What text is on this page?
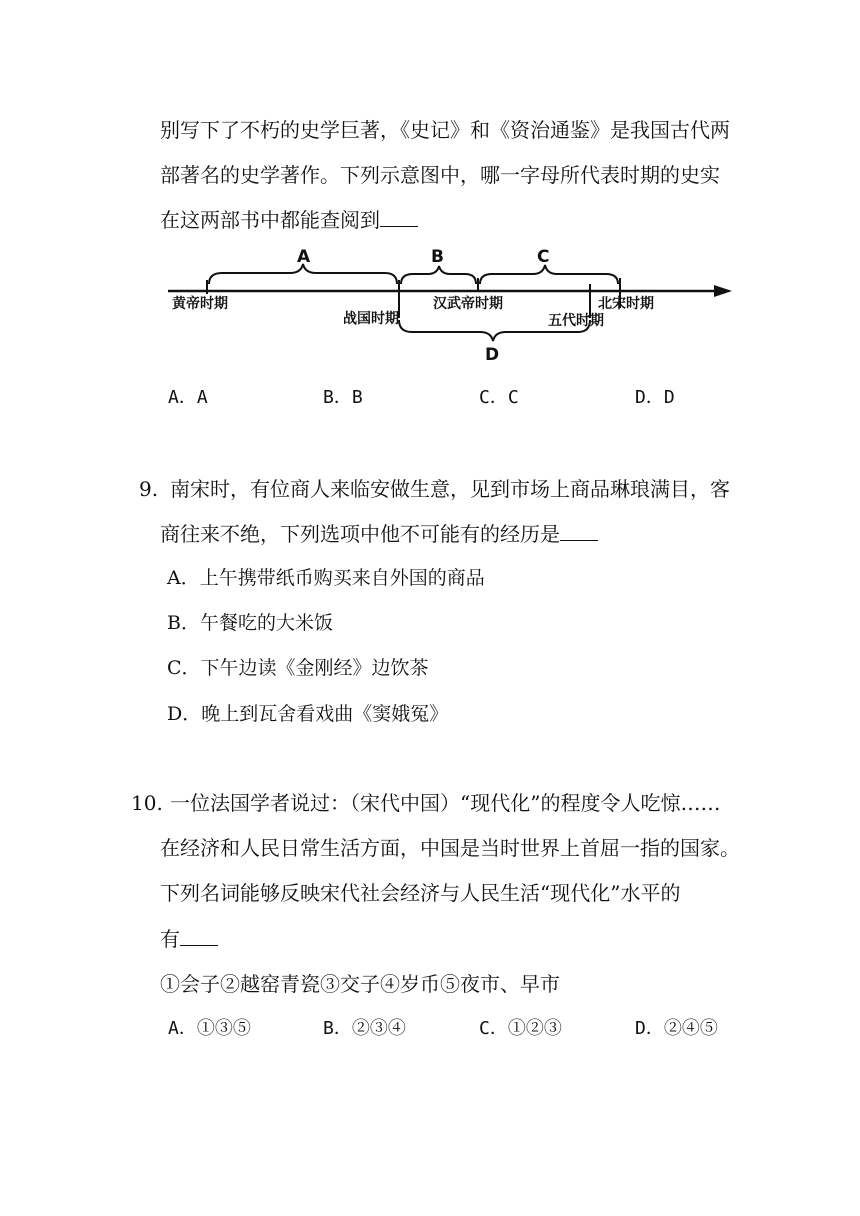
别写下了不朽的史学巨著，《史记》和《资治通鉴》是我国古代两
部著名的史学著作。下列示意图中，哪一字母所代表时期的史实
在这两部书中都能查阅到
A	B	C
D
黄帝时期
战国时期
汉武帝时期
五代时期
北宋时期
A．A	B．B	C．C	D．D
9. 南宋时，有位商人来临安做生意，见到市场上商品琳琅满目，客
商往来不绝，下列选项中他不可能有的经历是
A．上午携带纸币购买来自外国的商品
B．午餐吃的大米饭
C．下午边读《金刚经》边饮茶
D．晚上到瓦舍看戏曲《窦娥冤》
10. 一位法国学者说过：（宋代中国）“现代化”的程度令人吃惊……
在经济和人民日常生活方面，中国是当时世界上首屈一指的国家。
下列名词能够反映宋代社会经济与人民生活“现代化”水平的
有
①会子②越窑青瓷③交子④岁币⑤夜市、早市
A．①③⑤	B．②③④	C．①②③	D．②④⑤
